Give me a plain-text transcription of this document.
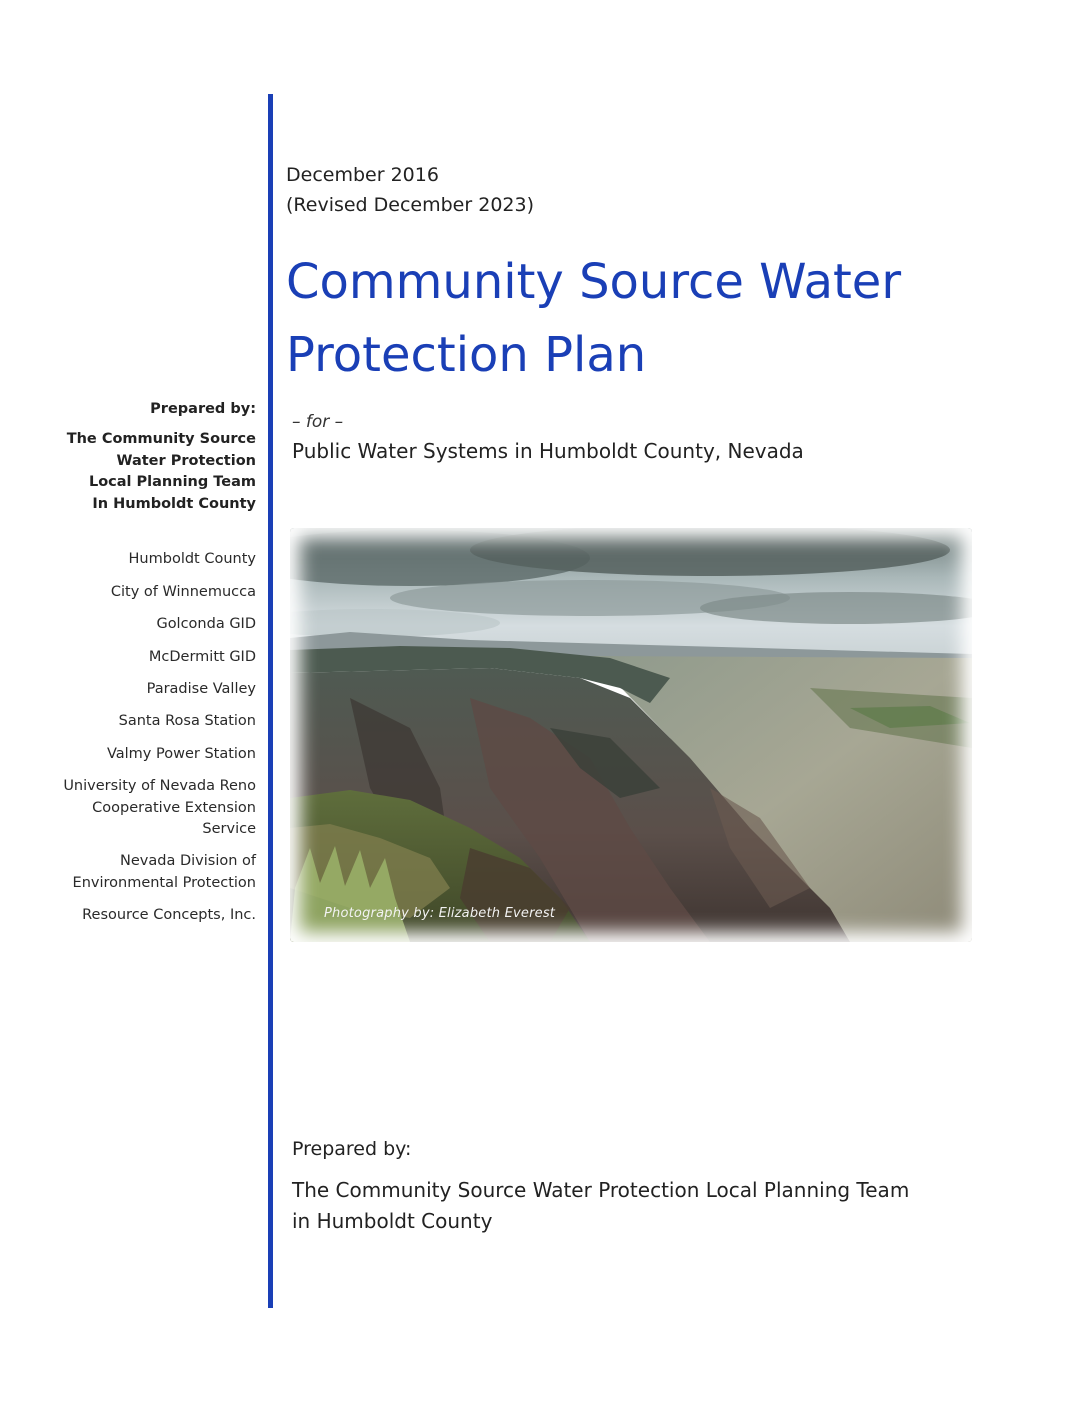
Prepared by:
The Community Source
Water Protection
Local Planning Team
In Humboldt County
Humboldt County
City of Winnemucca
Golconda GID
McDermitt GID
Paradise Valley
Santa Rosa Station
Valmy Power Station
University of Nevada Reno
Cooperative Extension
Service
Nevada Division of
Environmental Protection
Resource Concepts, Inc.
December 2016
(Revised December 2023)
Community Source Water
Protection Plan
– for –
Public Water Systems in Humboldt County, Nevada
Photography by: Elizabeth Everest
Prepared by:
The Community Source Water Protection Local Planning Team
in Humboldt County
